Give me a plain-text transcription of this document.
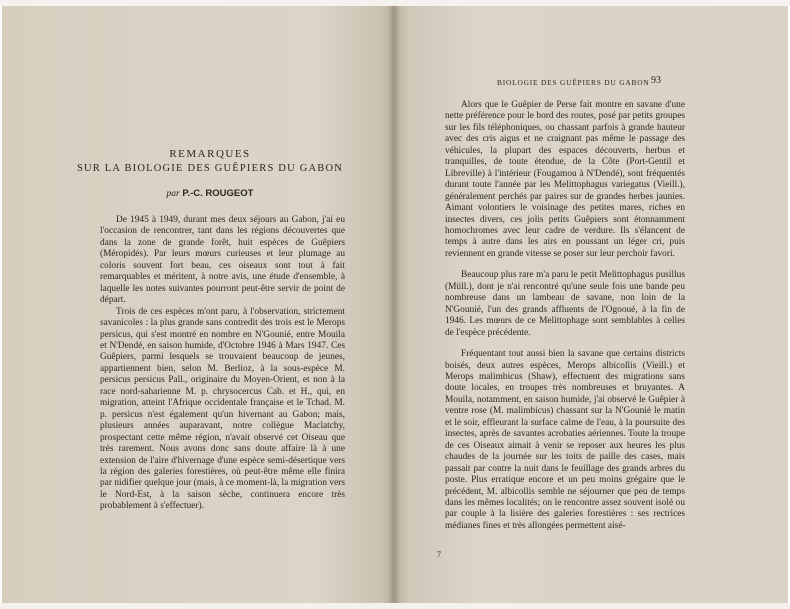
REMARQUES
SUR LA BIOLOGIE DES GUÊPIERS DU GABON
par P.-C. ROUGEOT

De 1945 à 1949, durant mes deux séjours au Gabon, j'ai eu l'occasion de rencontrer, tant dans les régions découvertes que dans la zone de grande forêt, huit espèces de Guêpiers (Méropidés). Par leurs mœurs curieuses et leur plumage au coloris souvent fort beau, ces oiseaux sont tout à fait remarquables et méritent, à notre avis, une étude d'ensemble, à laquelle les notes suivantes pourront peut-être servir de point de départ.

Trois de ces espèces m'ont paru, à l'observation, strictement savanicoles : la plus grande sans contredit des trois est le Merops persicus, qui s'est montré en nombre en N'Gounié, entre Mouila et N'Dendé, en saison humide, d'Octobre 1946 à Mars 1947. Ces Guêpiers, parmi lesquels se trouvaient beaucoup de jeunes, appartiennent bien, selon M. Berlioz, à la sous-espèce M. persicus persicus Pall., originaire du Moyen-Orient, et non à la race nord-saharienne M. p. chrysocercus Cab. et H., qui, en migration, atteint l'Afrique occidentale française et le Tchad. M. p. persicus n'est également qu'un hivernant au Gabon; mais, plusieurs années auparavant, notre collègue Maclatchy, prospectant cette même région, n'avait observé cet Oiseau que très rarement. Nous avons donc sans doute affaire là à une extension de l'aire d'hivernage d'une espèce semi-désertique vers la région des galeries forestières, où peut-être même elle finira par nidifier quelque jour (mais, à ce moment-là, la migration vers le Nord-Est, à la saison sèche, continuera encore très probablement à s'effectuer).

BIOLOGIE DES GUÊPIERS DU GABON 93

Alors que le Guêpier de Perse fait montre en savane d'une nette préférence pour le bord des routes, posé par petits groupes sur les fils téléphoniques, ou chassant parfois à grande hauteur avec des cris aigus et ne craignant pas même le passage des véhicules, la plupart des espaces découverts, herbus et tranquilles, de toute étendue, de la Côte (Port-Gentil et Libreville) à l'intérieur (Fougamou à N'Dendé), sont fréquentés durant toute l'année par les Melittophagus variegatus (Vieill.), généralement perchés par paires sur de grandes herbes jaunies. Aimant volontiers le voisinage des petites mares, riches en insectes divers, ces jolis petits Guêpiers sont étonnamment homochromes avec leur cadre de verdure. Ils s'élancent de temps à autre dans les airs en poussant un léger cri, puis reviennent en grande vitesse se poser sur leur perchoir favori.

Beaucoup plus rare m'a paru le petit Melittophagus pusillus (Müll.), dont je n'ai rencontré qu'une seule fois une bande peu nombreuse dans un lambeau de savane, non loin de la N'Gounié, l'un des grands affluents de l'Ogooué, à la fin de 1946. Les mœurs de ce Melittophage sont semblables à celles de l'espèce précédente.

Fréquentant tout aussi bien la savane que certains districts boisés, deux autres espèces, Merops albicollis (Vieill.) et Merops malimbicus (Shaw), effectuent des migrations sans doute locales, en troupes très nombreuses et bruyantes. A Mouila, notamment, en saison humide, j'ai observé le Guêpier à ventre rose (M. malimbicus) chassant sur la N'Gounié le matin et le soir, effleurant la surface calme de l'eau, à la poursuite des insectes, après de savantes acrobaties aériennes. Toute la troupe de ces Oiseaux aimait à venir se reposer aux heures les plus chaudes de la journée sur les toits de paille des cases, mais passait par contre la nuit dans le feuillage des grands arbres du poste. Plus erratique encore et un peu moins grégaire que le précédent, M. albicollis semble ne séjourner que peu de temps dans les mêmes localités; on le rencontre assez souvent isolé ou par couple à la lisière des galeries forestières : ses rectrices médianes fines et très allongées permettent aisé-

7
